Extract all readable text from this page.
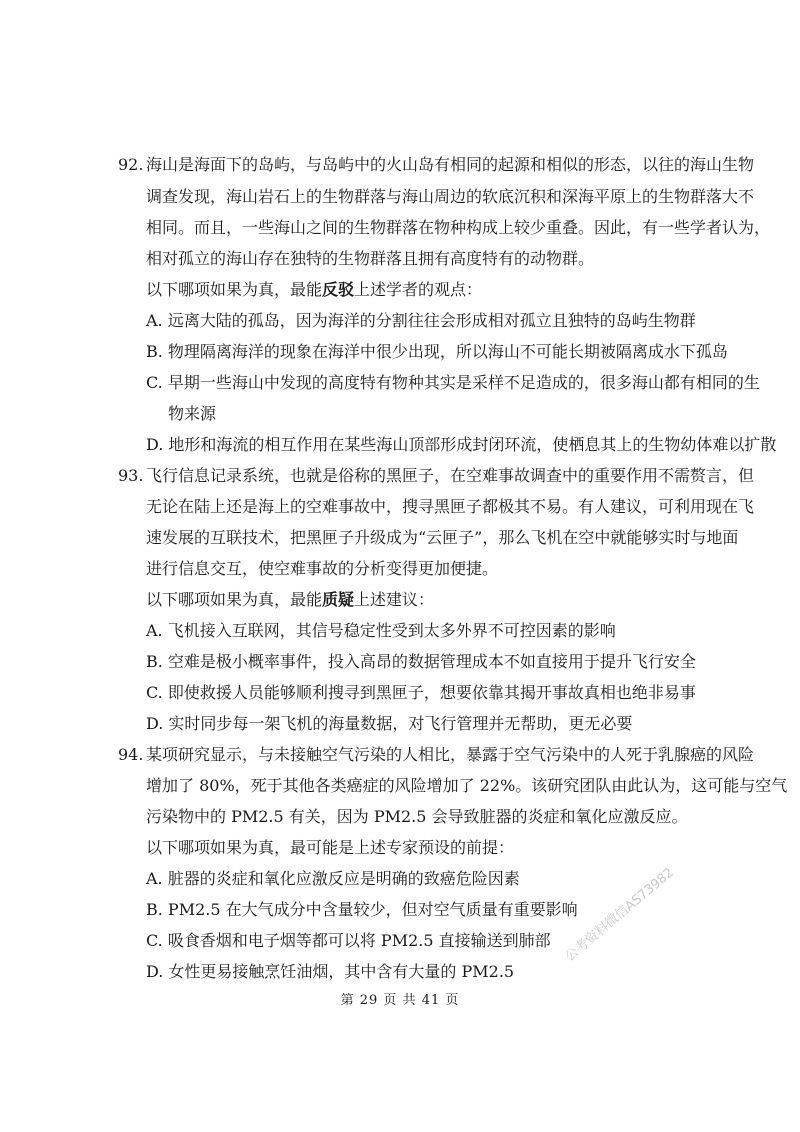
92. 海山是海面下的岛屿，与岛屿中的火山岛有相同的起源和相似的形态，以往的海山生物
调查发现，海山岩石上的生物群落与海山周边的软底沉积和深海平原上的生物群落大不
相同。而且，一些海山之间的生物群落在物种构成上较少重叠。因此，有一些学者认为，
相对孤立的海山存在独特的生物群落且拥有高度特有的动物群。
以下哪项如果为真，最能反驳上述学者的观点：
A. 远离大陆的孤岛，因为海洋的分割往往会形成相对孤立且独特的岛屿生物群
B. 物理隔离海洋的现象在海洋中很少出现，所以海山不可能长期被隔离成水下孤岛
C. 早期一些海山中发现的高度特有物种其实是采样不足造成的，很多海山都有相同的生
物来源
D. 地形和海流的相互作用在某些海山顶部形成封闭环流，使栖息其上的生物幼体难以扩散
93. 飞行信息记录系统，也就是俗称的黑匣子，在空难事故调查中的重要作用不需赘言，但
无论在陆上还是海上的空难事故中，搜寻黑匣子都极其不易。有人建议，可利用现在飞
速发展的互联技术，把黑匣子升级成为“云匣子”，那么飞机在空中就能够实时与地面
进行信息交互，使空难事故的分析变得更加便捷。
以下哪项如果为真，最能质疑上述建议：
A. 飞机接入互联网，其信号稳定性受到太多外界不可控因素的影响
B. 空难是极小概率事件，投入高昂的数据管理成本不如直接用于提升飞行安全
C. 即使救援人员能够顺利搜寻到黑匣子，想要依靠其揭开事故真相也绝非易事
D. 实时同步每一架飞机的海量数据，对飞行管理并无帮助，更无必要
94. 某项研究显示，与未接触空气污染的人相比，暴露于空气污染中的人死于乳腺癌的风险
增加了 80%，死于其他各类癌症的风险增加了 22%。该研究团队由此认为，这可能与空气
污染物中的 PM2.5 有关，因为 PM2.5 会导致脏器的炎症和氧化应激反应。
以下哪项如果为真，最可能是上述专家预设的前提：
A. 脏器的炎症和氧化应激反应是明确的致癌危险因素
B. PM2.5 在大气成分中含量较少，但对空气质量有重要影响
C. 吸食香烟和电子烟等都可以将 PM2.5 直接输送到肺部
D. 女性更易接触烹饪油烟，其中含有大量的 PM2.5
公考资料微信AS73982
第 29 页 共 41 页
